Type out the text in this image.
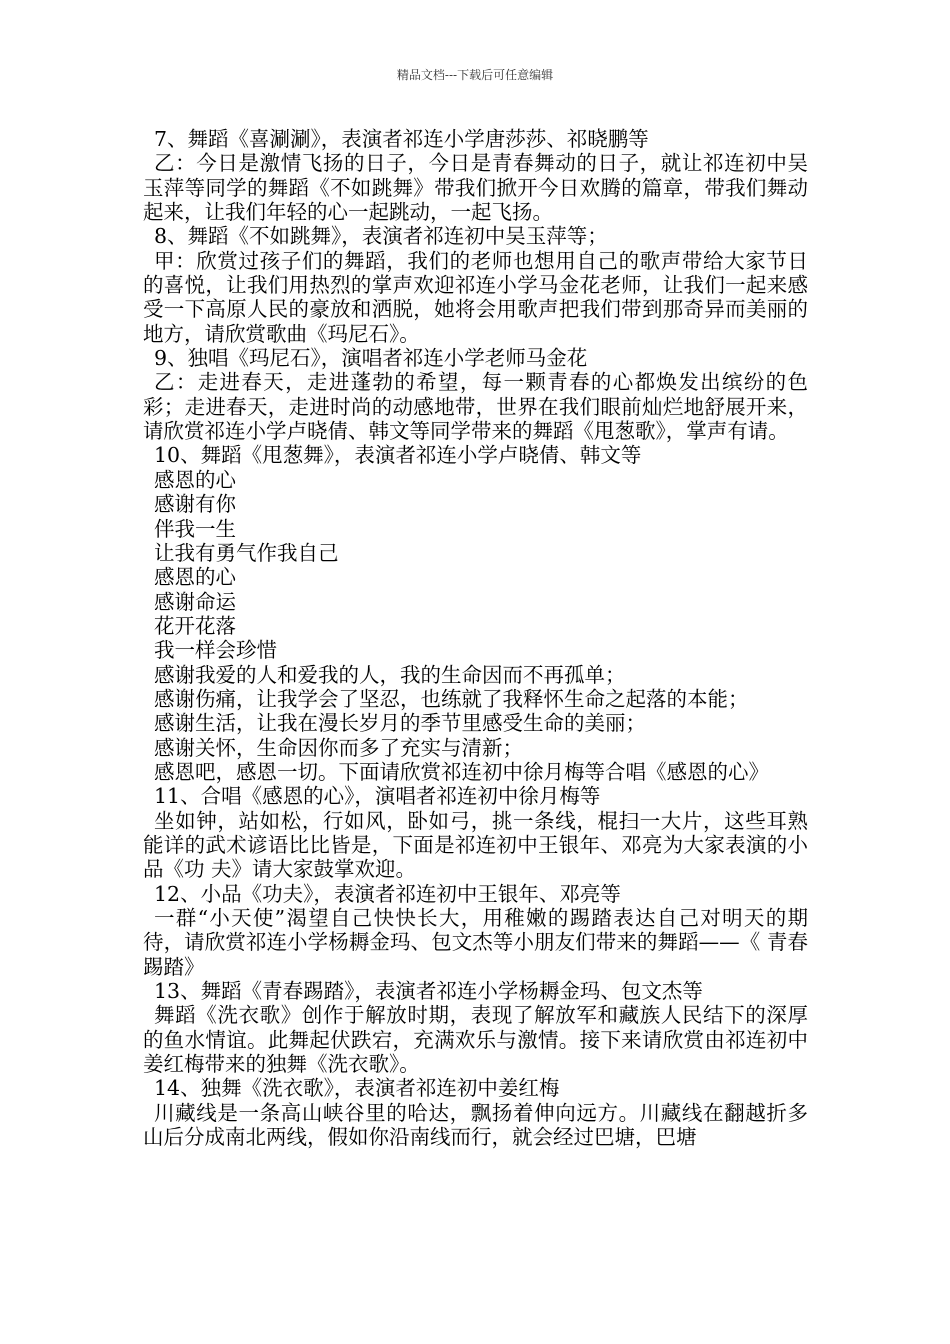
精品文档---下载后可任意编辑

7、舞蹈《喜涮涮》，表演者祁连小学唐莎莎、祁晓鹏等

乙：今日是激情飞扬的日子，今日是青春舞动的日子，就让祁连初中吴玉萍等同学的舞蹈《不如跳舞》带我们掀开今日欢腾的篇章，带我们舞动起来，让我们年轻的心一起跳动，一起飞扬。

8、舞蹈《不如跳舞》，表演者祁连初中吴玉萍等；

甲：欣赏过孩子们的舞蹈，我们的老师也想用自己的歌声带给大家节日的喜悦，让我们用热烈的掌声欢迎祁连小学马金花老师，让我们一起来感受一下高原人民的豪放和洒脱，她将会用歌声把我们带到那奇异而美丽的地方，请欣赏歌曲《玛尼石》。

9、独唱《玛尼石》，演唱者祁连小学老师马金花

乙：走进春天，走进蓬勃的希望，每一颗青春的心都焕发出缤纷的色彩；走进春天，走进时尚的动感地带，世界在我们眼前灿烂地舒展开来，请欣赏祁连小学卢晓倩、韩文等同学带来的舞蹈《甩葱歌》，掌声有请。

10、舞蹈《甩葱舞》，表演者祁连小学卢晓倩、韩文等

感恩的心

感谢有你

伴我一生

让我有勇气作我自己

感恩的心

感谢命运

花开花落

我一样会珍惜

感谢我爱的人和爱我的人，我的生命因而不再孤单；

感谢伤痛，让我学会了坚忍，也练就了我释怀生命之起落的本能；

感谢生活，让我在漫长岁月的季节里感受生命的美丽；

感谢关怀，生命因你而多了充实与清新；

感恩吧，感恩一切。下面请欣赏祁连初中徐月梅等合唱《感恩的心》

11、合唱《感恩的心》，演唱者祁连初中徐月梅等

坐如钟，站如松，行如风，卧如弓，挑一条线，棍扫一大片，这些耳熟能详的武术谚语比比皆是，下面是祁连初中王银年、邓亮为大家表演的小品《功 夫》请大家鼓掌欢迎。

12、小品《功夫》，表演者祁连初中王银年、邓亮等

一群“小天使”渴望自己快快长大，用稚嫩的踢踏表达自己对明天的期待，请欣赏祁连小学杨耨金玛、包文杰等小朋友们带来的舞蹈——《 青春踢踏》

13、舞蹈《青春踢踏》，表演者祁连小学杨耨金玛、包文杰等

舞蹈《洗衣歌》创作于解放时期，表现了解放军和藏族人民结下的深厚的鱼水情谊。此舞起伏跌宕，充满欢乐与激情。接下来请欣赏由祁连初中姜红梅带来的独舞《洗衣歌》。

14、独舞《洗衣歌》，表演者祁连初中姜红梅

川藏线是一条高山峡谷里的哈达，飘扬着伸向远方。川藏线在翻越折多山后分成南北两线，假如你沿南线而行，就会经过巴塘，巴塘
